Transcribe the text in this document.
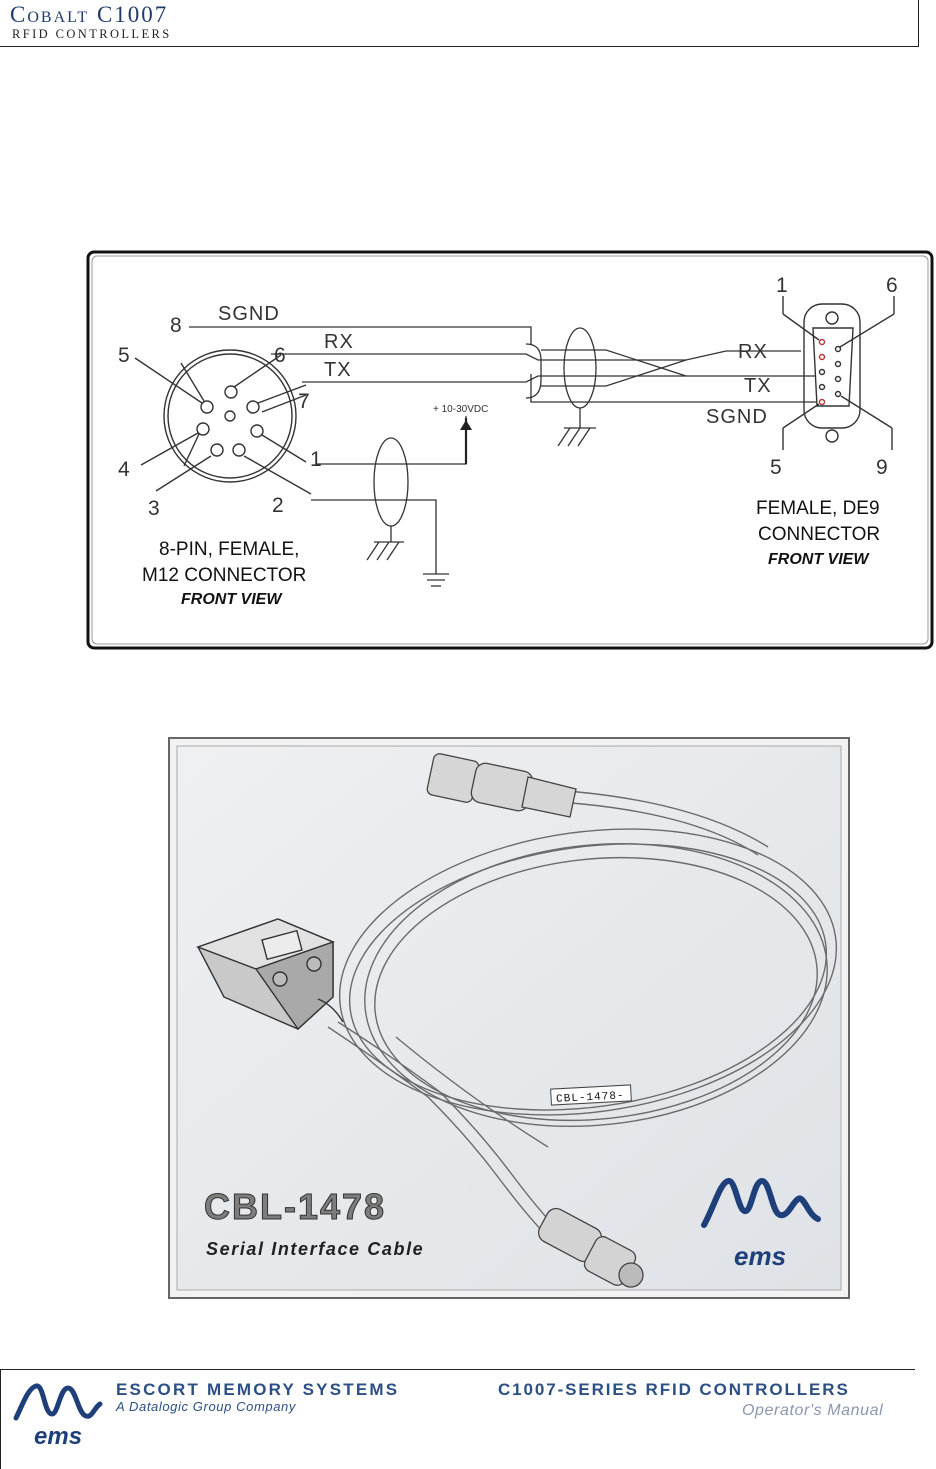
Cobalt C1007
RFID CONTROLLERS
8
5	6
7
4
3	2
1
SGND
RX
TX
+ 10-30VDC
1	6
5	9
RX
TX
SGND
8-PIN, FEMALE,
M12 CONNECTOR
FRONT VIEW
FEMALE, DE9
CONNECTOR
FRONT VIEW
CBL-1478-
CBL-1478
Serial Interface Cable	ems
ems
ESCORT MEMORY SYSTEMS
A Datalogic Group Company
C1007-SERIES RFID CONTROLLERS
Operator's Manual
